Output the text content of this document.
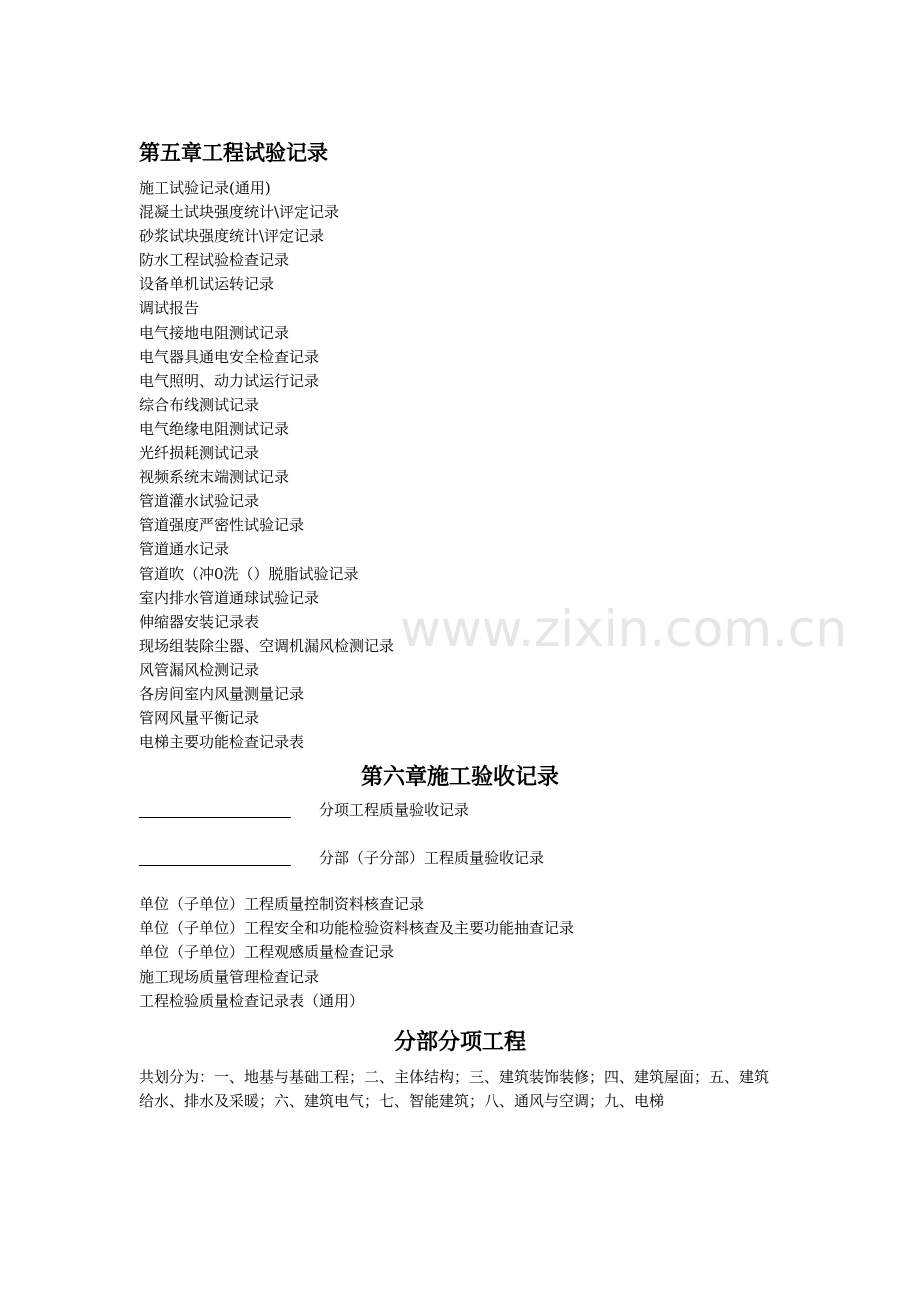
www.zixin.com.cn
第五章工程试验记录
施工试验记录(通用)
混凝土试块强度统计\评定记录
砂浆试块强度统计\评定记录
防水工程试验检查记录
设备单机试运转记录
调试报告
电气接地电阻测试记录
电气器具通电安全检查记录
电气照明、动力试运行记录
综合布线测试记录
电气绝缘电阻测试记录
光纤损耗测试记录
视频系统末端测试记录
管道灌水试验记录
管道强度严密性试验记录
管道通水记录
管道吹（冲0洗（）脱脂试验记录
室内排水管道通球试验记录
伸缩器安装记录表
现场组装除尘器、空调机漏风检测记录
风管漏风检测记录
各房间室内风量测量记录
管网风量平衡记录
电梯主要功能检查记录表
第六章施工验收记录
分项工程质量验收记录
分部（子分部）工程质量验收记录
单位（子单位）工程质量控制资料核查记录
单位（子单位）工程安全和功能检验资料核查及主要功能抽查记录
单位（子单位）工程观感质量检查记录
施工现场质量管理检查记录
工程检验质量检查记录表（通用）
分部分项工程

共划分为：一、地基与基础工程；二、主体结构；三、建筑装饰装修；四、建筑屋面；五、建筑给水、排水及采暖；六、建筑电气；七、智能建筑；八、通风与空调；九、电梯
